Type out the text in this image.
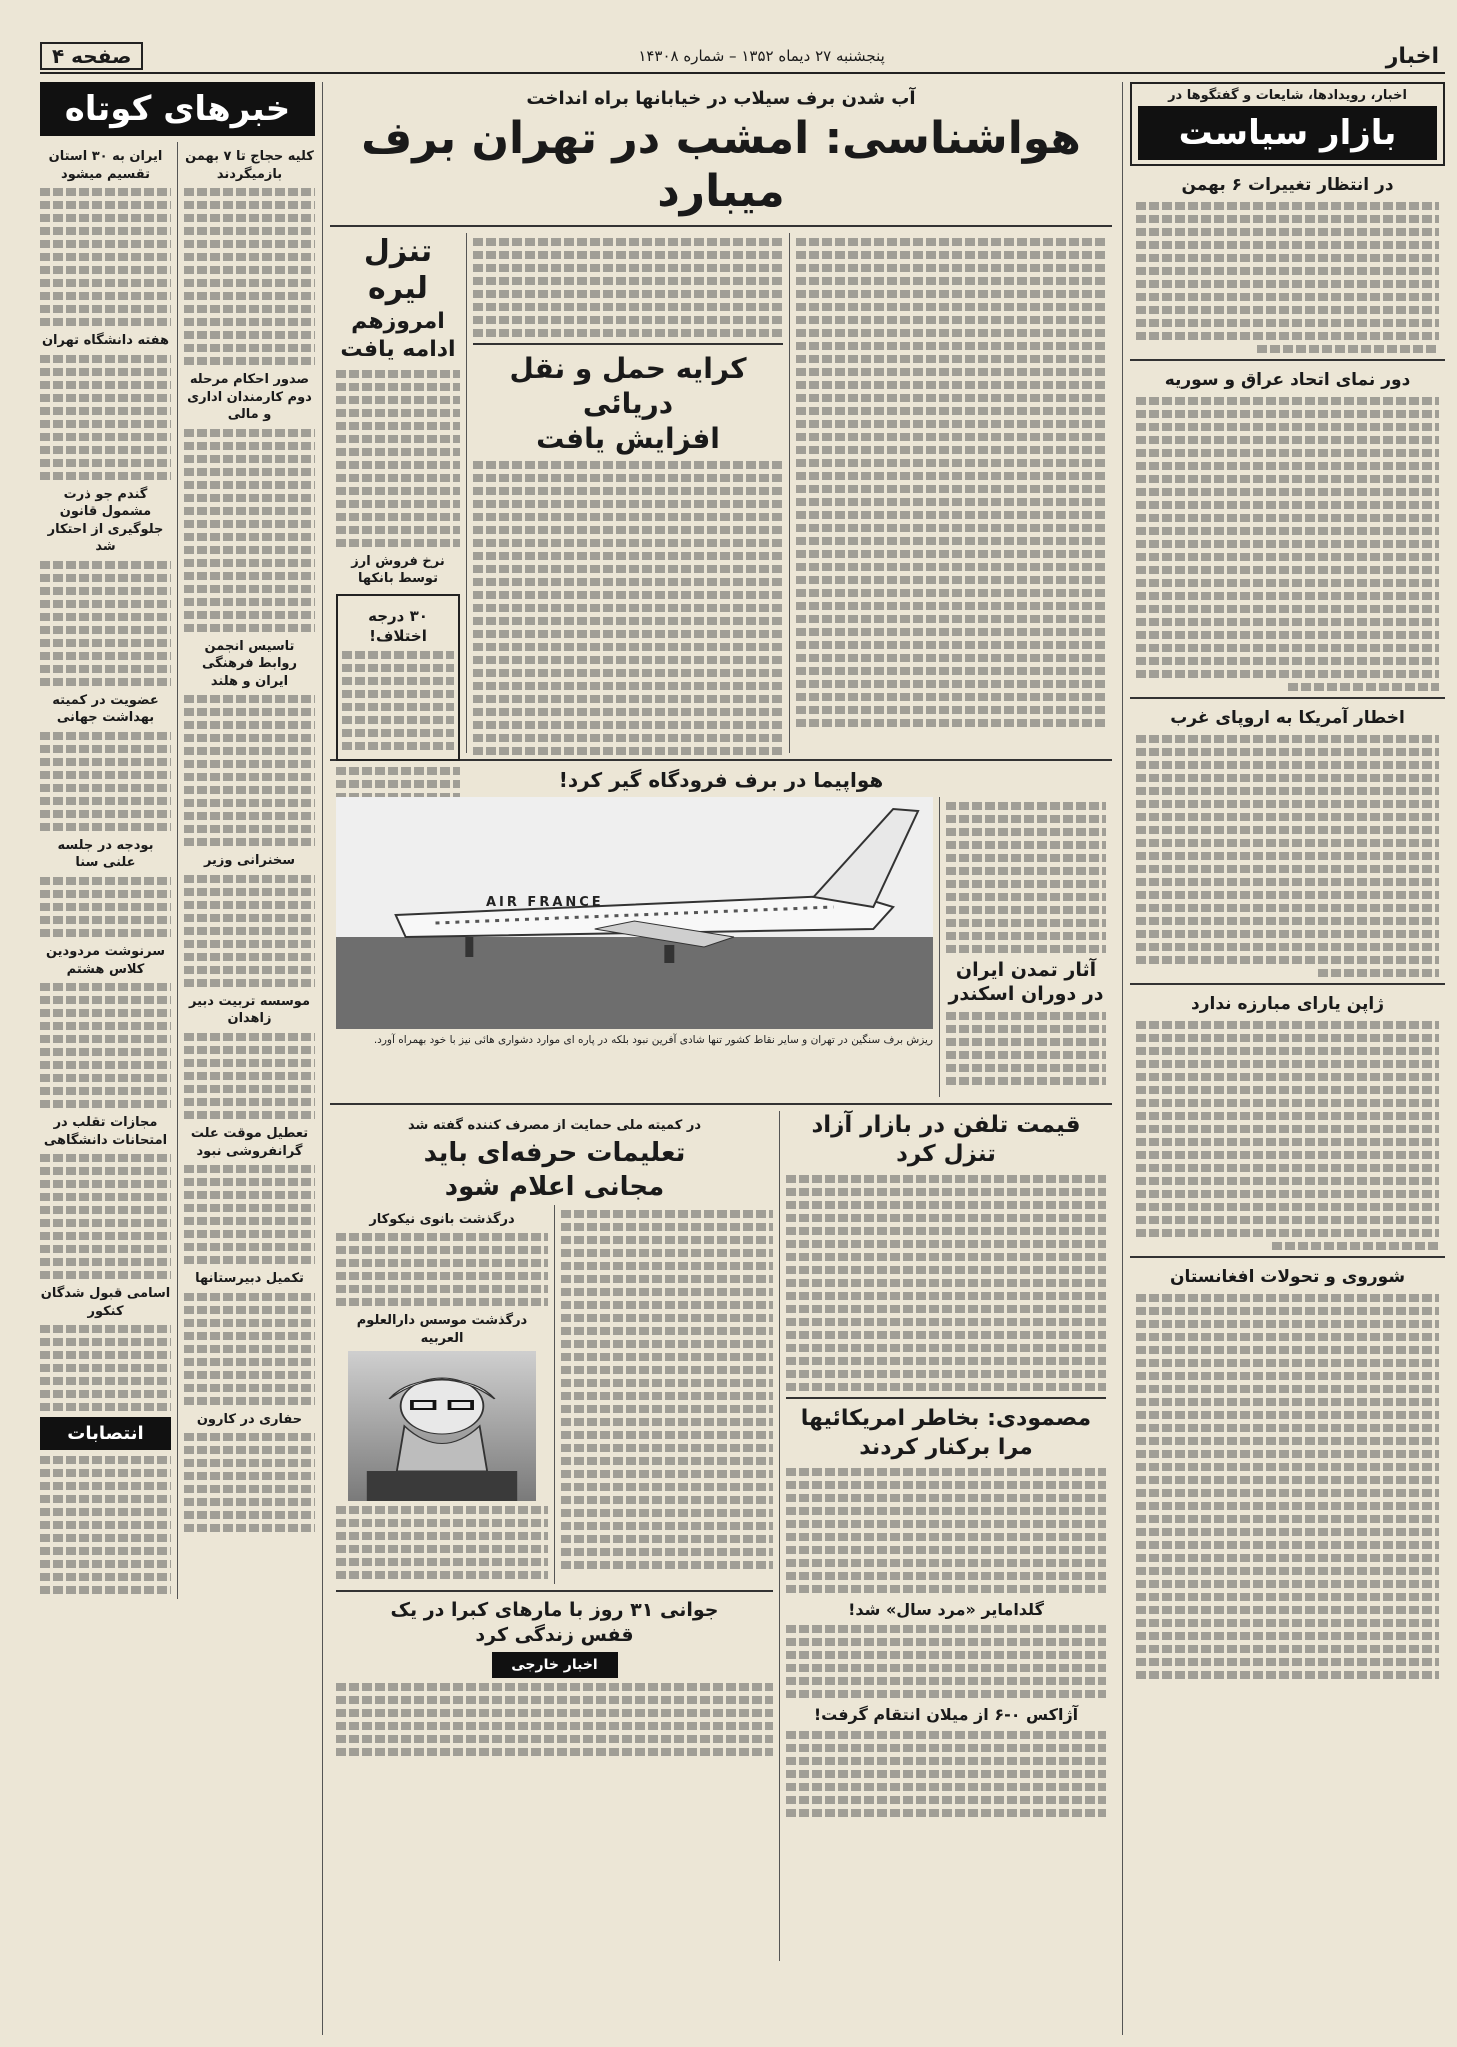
اخبار
پنجشنبه ۲۷ دیماه ۱۳۵۲ – شماره ۱۴۳۰۸
صفحه ۴
اخبار، رویدادها، شایعات و گفتگوها در
بازار سیاست
در انتظار تغییرات ۶ بهمن
دور نمای اتحاد عراق و سوریه
اخطار آمریکا به اروپای غرب
ژاپن یارای مبارزه ندارد
شوروی و تحولات افغانستان
خبرهای کوتاه
کلیه حجاج تا ۷ بهمن بازمیگردند
صدور احکام مرحله دوم کارمندان اداری و مالی
تاسیس انجمن روابط فرهنگی ایران و هلند
سخنرانی وزیر
موسسه تربیت دبیر زاهدان
تعطیل موقت علت گرانفروشی نبود
تکمیل دبیرستانها
حفاری در کارون
ایران به ۳۰ استان تقسیم میشود
هفته دانشگاه تهران
گندم جو ذرت مشمول قانون جلوگیری از احتکار شد
عضویت در کمیته بهداشت جهانی
بودجه در جلسه علنی سنا
سرنوشت مردودین کلاس هشتم
مجازات تقلب در امتحانات دانشگاهی
اسامی قبول شدگان کنکور
انتصابات
آب شدن برف سیلاب در خیابانها براه انداخت
هواشناسی: امشب در تهران برف میبارد
کرایه حمل و نقل دریائی
افزایش یافت
تنزل لیره
امروزهم ادامه یافت
نرخ فروش ارز توسط بانکها
۳۰ درجه اختلاف!
هواپیما در برف فرودگاه گیر کرد!
آثار تمدن ایران در دوران اسکندر
AIR FRANCE
ریزش برف سنگین در تهران و سایر نقاط کشور تنها شادی آفرین نبود بلکه در پاره ای موارد دشواری هائی نیز با خود بهمراه آورد.
قیمت تلفن در بازار آزاد
تنزل کرد
مصمودی: بخاطر امریکائیها
مرا برکنار کردند
گلدامایر «مرد سال» شد!
آژاکس ۰-۶ از میلان انتقام گرفت!
در کمیته ملی حمایت از مصرف کننده گفته شد
تعلیمات حرفه‌ای باید
مجانی اعلام شود
درگذشت بانوی نیکوکار
درگذشت موسس دارالعلوم العربیه
جوانی ۳۱ روز با مارهای کبرا در یک
قفس زندگی کرد
اخبار خارجی
